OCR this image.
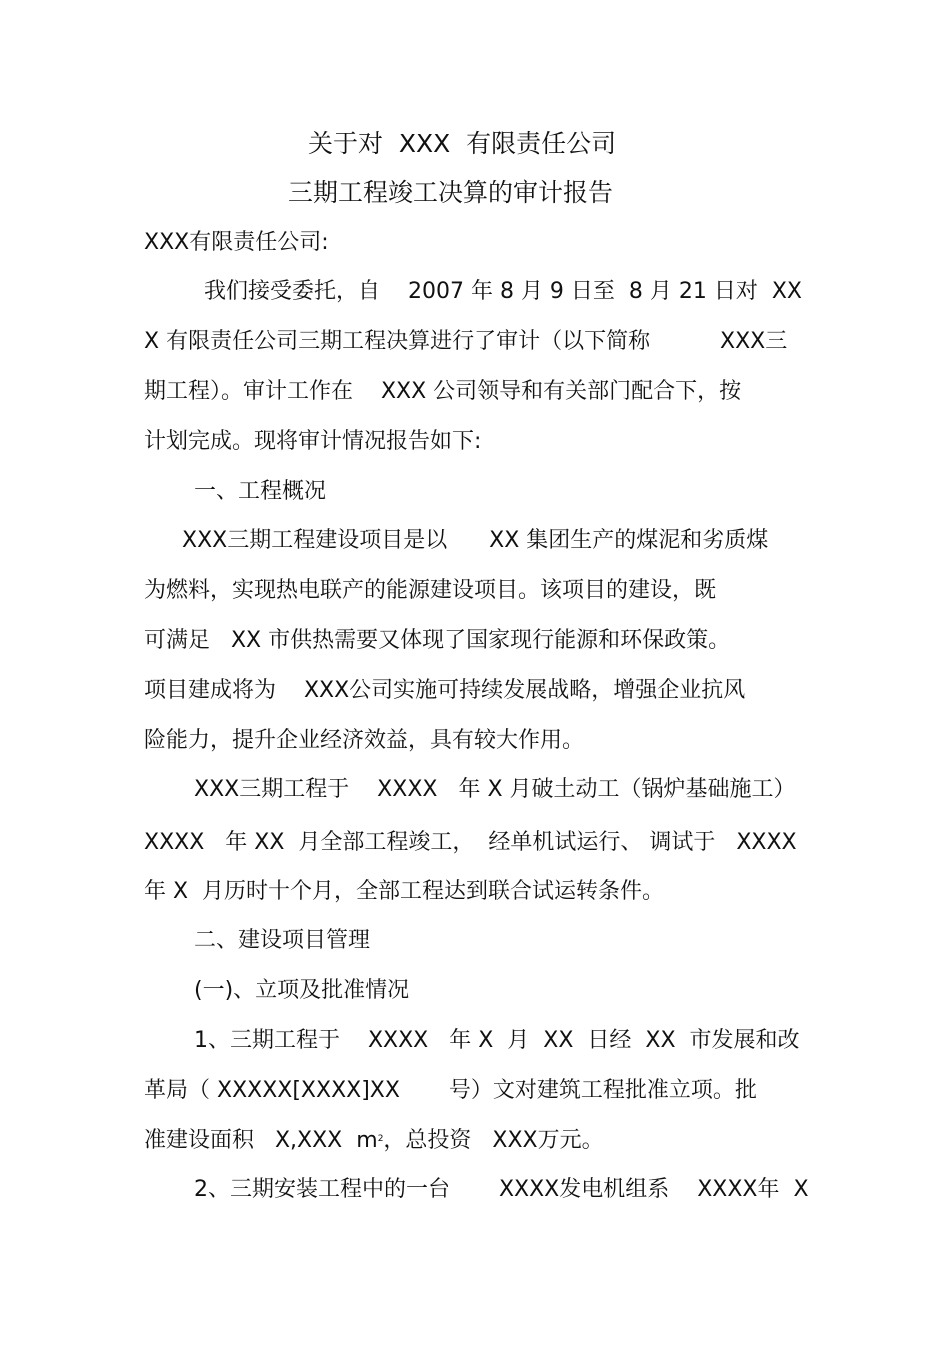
关于对  XXX  有限责任公司
三期工程竣工决算的审计报告
XXX有限责任公司:
我们接受委托，自    2007 年 8 月 9 日至  8 月 21 日对  XX
X 有限责任公司三期工程决算进行了审计（以下简称          XXX三
期工程）。审计工作在    XXX 公司领导和有关部门配合下，按
计划完成。现将审计情况报告如下:
一、工程概况
XXX三期工程建设项目是以      XX 集团生产的煤泥和劣质煤
为燃料，实现热电联产的能源建设项目。该项目的建设，既
可满足   XX 市供热需要又体现了国家现行能源和环保政策。
项目建成将为    XXX公司实施可持续发展战略，增强企业抗风
险能力，提升企业经济效益，具有较大作用。
XXX三期工程于    XXXX   年 X 月破土动工（锅炉基础施工）
XXXX   年 XX  月全部工程竣工，  经单机试运行、 调试于   XXXX
年 X  月历时十个月，全部工程达到联合试运转条件。
二、建设项目管理
(一)、立项及批准情况
1、三期工程于    XXXX   年 X  月  XX  日经  XX  市发展和改
革局（ XXXXX[XXXX]XX       号）文对建筑工程批准立项。批
准建设面积   X,XXX  $m^2$，总投资   XXX万元。
2、三期安装工程中的一台       XXXX发电机组系    XXXX年  X
